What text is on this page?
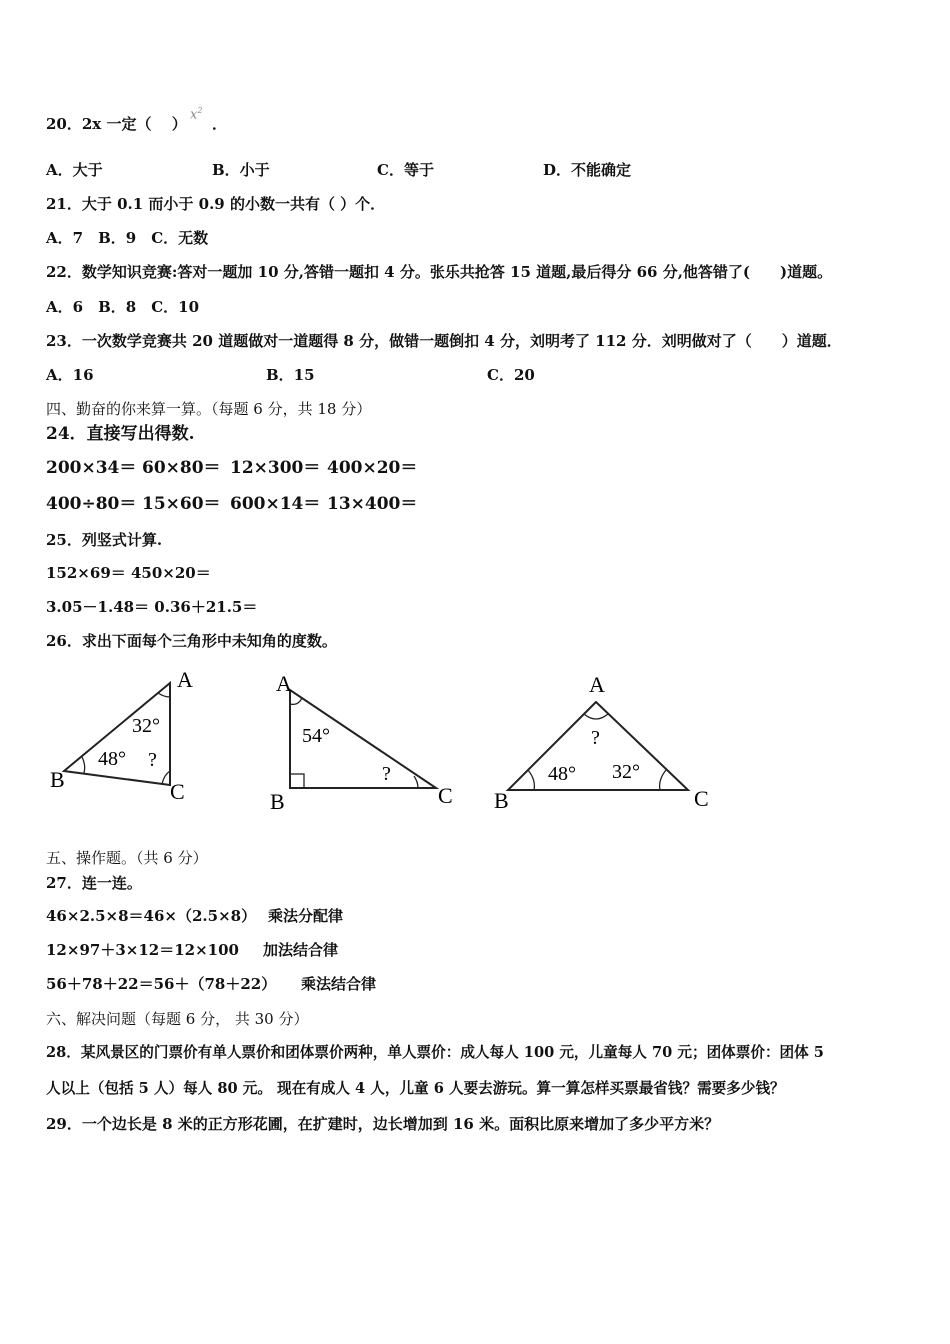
20．2x 一定（　 ）
$x^2$
．
A．大于	B．小于	C．等于	D．不能确定
21．大于 0.1 而小于 0.9 的小数一共有（ ）个．
A．7　B．9　C．无数
22．数学知识竞赛:答对一题加 10 分,答错一题扣 4 分。张乐共抢答 15 道题,最后得分 66 分,他答错了(　　)道题。
A．6　B．8　C．10
23．一次数学竞赛共 20 道题做对一道题得 8 分，做错一题倒扣 4 分，刘明考了 112 分．刘明做对了（　　）道题．
A．16	B．15	C．20
四、勤奋的你来算一算。（每题 6 分，共 18 分）
24．直接写出得数.
200×34＝ 60×80＝ 12×300＝ 400×20＝
400÷80＝ 15×60＝ 600×14＝ 13×400＝
25．列竖式计算.
152×69＝ 450×20＝
3.05－1.48＝ 0.36＋21.5＝
26．求出下面每个三角形中未知角的度数。
A
B	C
32°
48° ?
A
B	C
54°
?
A
B	C
?
48° 32°
五、操作题。（共 6 分）
27．连一连。
46×2.5×8＝46×（2.5×8） 乘法分配律
12×97＋3×12＝12×100 加法结合律
56＋78＋22＝56＋（78＋22） 乘法结合律
六、解决问题（每题 6 分， 共 30 分）
28．某风景区的门票价有单人票价和团体票价两种，单人票价：成人每人 100 元，儿童每人 70 元；团体票价：团体 5
人以上（包括 5 人）每人 80 元。 现在有成人 4 人，儿童 6 人要去游玩。算一算怎样买票最省钱？需要多少钱？
29．一个边长是 8 米的正方形花圃，在扩建时，边长增加到 16 米。面积比原来增加了多少平方米？
